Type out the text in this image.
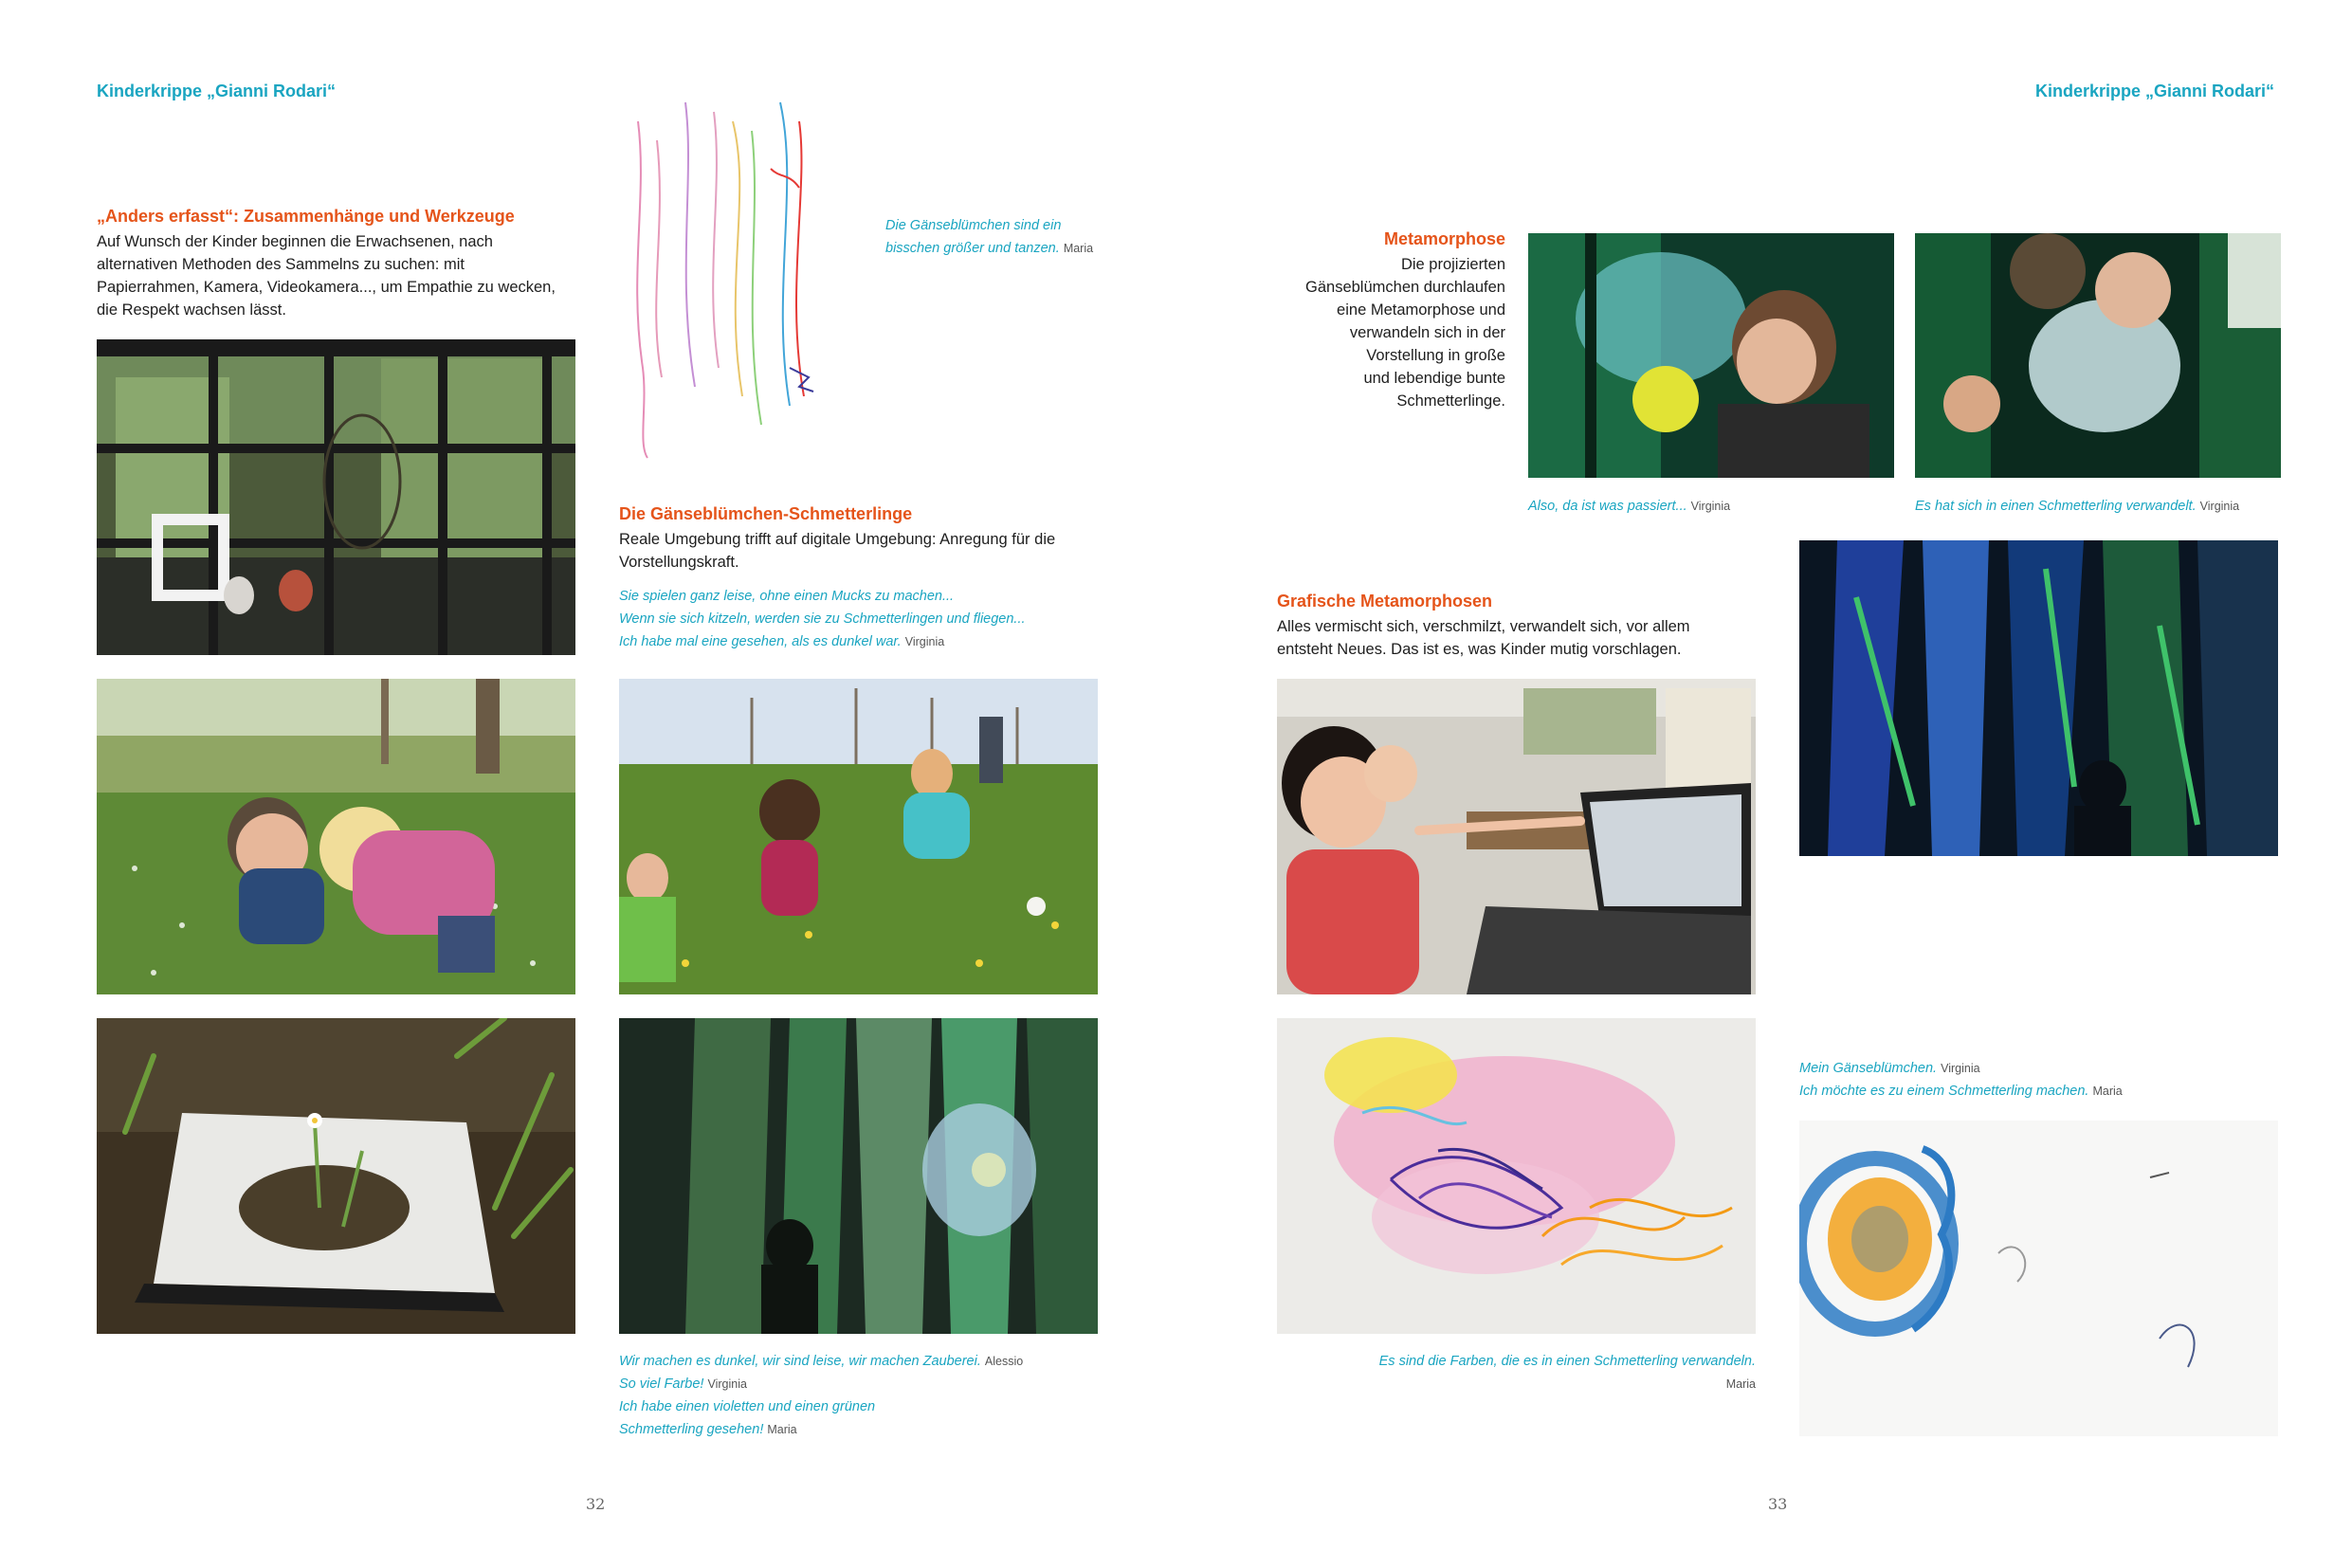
Kinderkrippe „Gianni Rodari“
„Anders erfasst“: Zusammenhänge und Werkzeuge
Auf Wunsch der Kinder beginnen die Erwachsenen, nach
alternativen Methoden des Sammelns zu suchen: mit
Papierrahmen, Kamera, Videokamera..., um Empathie zu wecken,
die Respekt wachsen lässt.
Die Gänseblümchen sind ein
bisschen größer und tanzen. Maria
Die Gänseblümchen-Schmetterlinge
Reale Umgebung trifft auf digitale Umgebung: Anregung für die
Vorstellungskraft.
Sie spielen ganz leise, ohne einen Mucks zu machen...
Wenn sie sich kitzeln, werden sie zu Schmetterlingen und fliegen...
Ich habe mal eine gesehen, als es dunkel war. Virginia
Wir machen es dunkel, wir sind leise, wir machen Zauberei. Alessio
So viel Farbe! Virginia
Ich habe einen violetten und einen grünen
Schmetterling gesehen! Maria
32
Kinderkrippe „Gianni Rodari“
Metamorphose
Die projizierten
Gänseblümchen durchlaufen
eine Metamorphose und
verwandeln sich in der
Vorstellung in große
und lebendige bunte
Schmetterlinge.
Also, da ist was passiert... Virginia	Es hat sich in einen Schmetterling verwandelt. Virginia
Grafische Metamorphosen
Alles vermischt sich, verschmilzt, verwandelt sich, vor allem
entsteht Neues. Das ist es, was Kinder mutig vorschlagen.
Es sind die Farben, die es in einen Schmetterling verwandeln.
Maria
Mein Gänseblümchen. Virginia
Ich möchte es zu einem Schmetterling machen. Maria
33
